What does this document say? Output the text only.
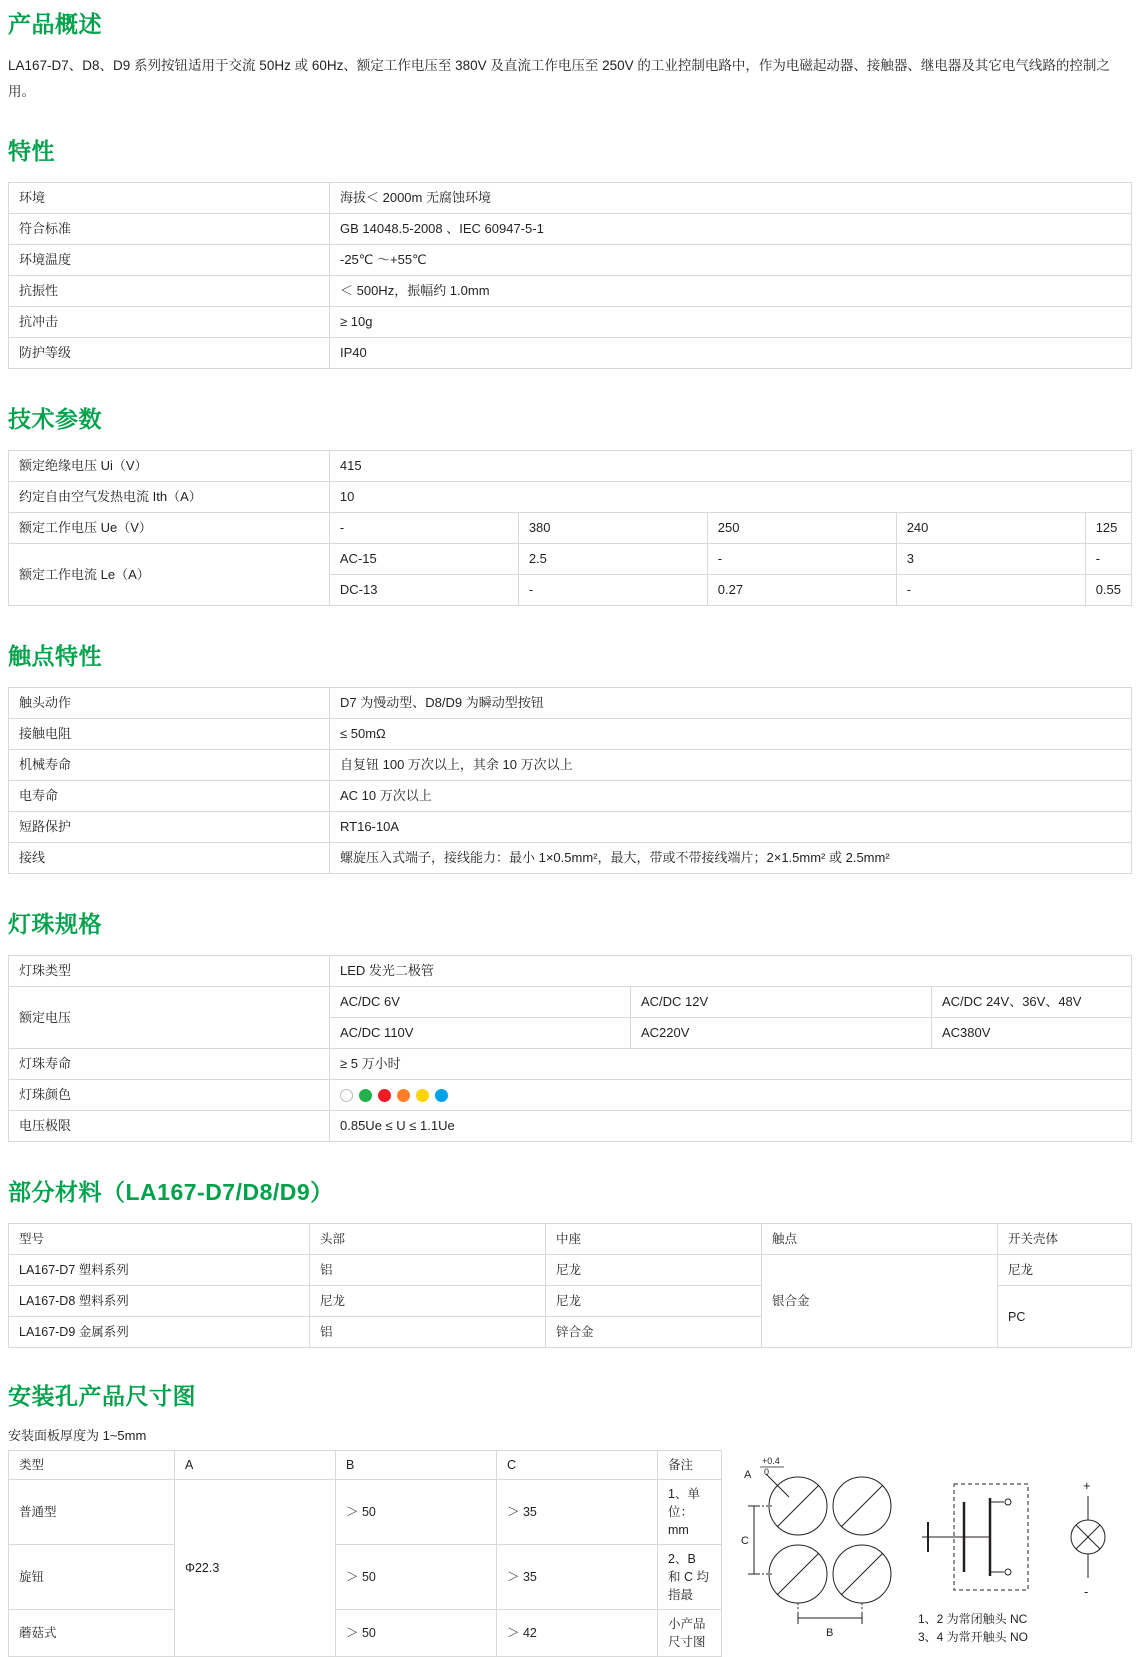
产品概述

LA167-D7、D8、D9 系列按钮适用于交流 50Hz 或 60Hz、额定工作电压至 380V 及直流工作电压至 250V 的工业控制电路中，作为电磁起动器、接触器、继电器及其它电气线路的控制之用。

特性
环境	海拔＜ 2000m 无腐蚀环境
符合标准	GB 14048.5-2008 、IEC 60947-5-1
环境温度	-25℃ ～+55℃
抗振性	＜ 500Hz，振幅约 1.0mm
抗冲击	≥ 10g
防护等级	IP40
技术参数
额定绝缘电压 Ui（V）	415				
约定自由空气发热电流 Ith（A）	10				
额定工作电压 Ue（V）	-	380	250	240	125
额定工作电流 Le（A）	AC-15	2.5	-	3	-
	DC-13	-	0.27	-	0.55
触点特性
触头动作	D7 为慢动型、D8/D9 为瞬动型按钮
接触电阻	≤ 50mΩ
机械寿命	自复钮 100 万次以上，其余 10 万次以上
电寿命	AC 10 万次以上
短路保护	RT16-10A
接线	螺旋压入式端子，接线能力：最小 1×0.5mm²，最大，带或不带接线端片；2×1.5mm² 或 2.5mm²
灯珠规格
灯珠类型	LED 发光二极管		
额定电压	AC/DC 6V	AC/DC 12V	AC/DC 24V、36V、48V
	AC/DC 110V	AC220V	AC380V
灯珠寿命	≥ 5 万小时		
灯珠颜色			

电压极限	0.85Ue ≤ U ≤ 1.1Ue		
部分材料（LA167-D7/D8/D9）
型号	头部	中座	触点	开关壳体
LA167-D7 塑料系列	铝	尼龙	银合金	尼龙
LA167-D8 塑料系列	尼龙	尼龙		PC
LA167-D9 金属系列	铝	锌合金		
安装孔产品尺寸图

安装面板厚度为 1~5mm

类型	A	B	C	备注
普通型	Φ22.3	＞ 50	＞ 35	1、单位：mm
旋钮		＞ 50	＞ 35	2、B 和 C 均指最
蘑菇式		＞ 50	＞ 42	小产品尺寸图
A
+0.4
0
C
B
+
-
1、2 为常闭触头 NC
3、4 为常开触头 NO
